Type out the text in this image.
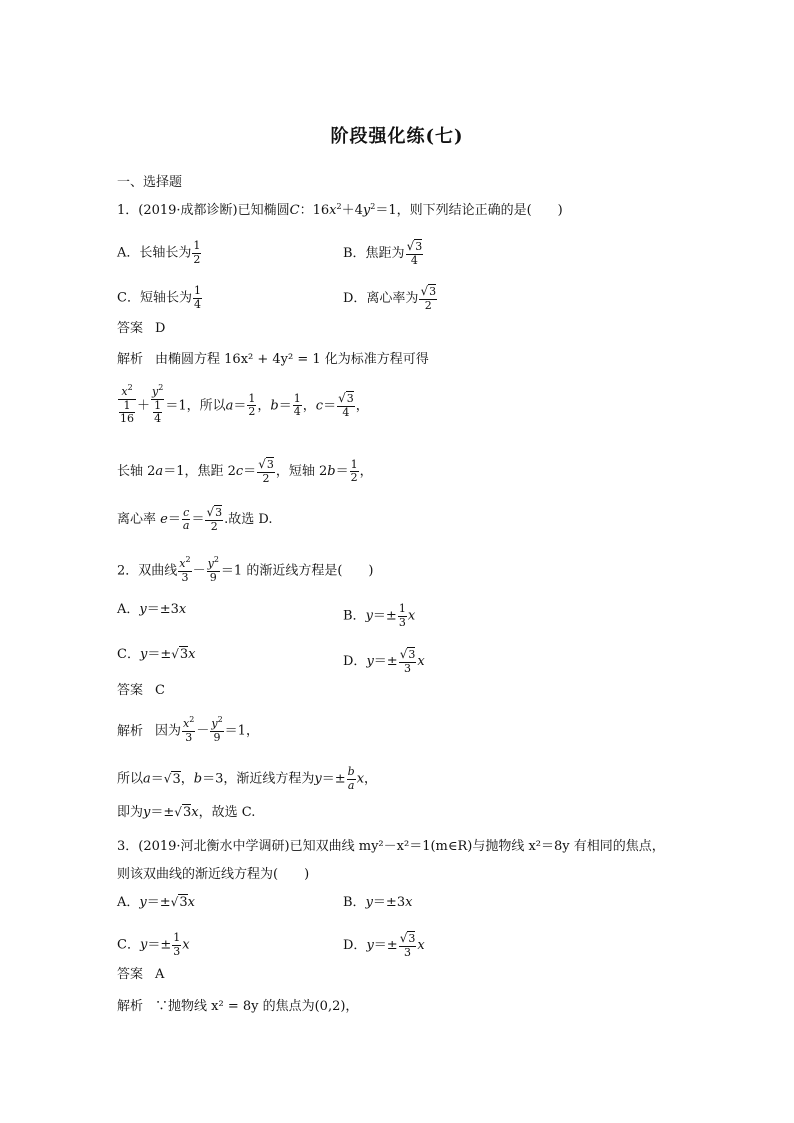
阶段强化练(七)
一、选择题
1．(2019·成都诊断)已知椭圆C：$16x^2+4y^2=1$，则下列结论正确的是(　　)
A．长轴长为 $\frac{1}{2}$	B．焦距为 $\frac{√3}{4}$
C．短轴长为 $\frac{1}{4}$	D．离心率为 $\frac{√3}{2}$
答案 D
解析 由椭圆方程 16x² + 4y² = 1 化为标准方程可得
$\frac{x^2}{\frac{1}{16}} + \frac{y^2}{\frac{1}{4}} =1$，所以$a= \frac{1}{2}$ ，$b= \frac{1}{4}$ ，$c= \frac{√3}{4}$ ，
长轴 2a＝1，焦距 $2c= \frac{√3}{2}$ ，短轴 $2b= \frac{1}{2}$ ，
离心率 $e= \frac{c}{a} = \frac{√3}{2}$ .故选 D.
2．双曲线 $\frac{x^2}{3} - \frac{y^2}{9} =1$ 的渐近线方程是(　　)
A．y＝±3x	B．$y=\pm \frac{1}{3}$ x
C．y＝±√3x	D．$y=\pm \frac{√3}{3}$ x
答案 C
解析 因为 $\frac{x^2}{3} - \frac{y^2}{9} =1$，
所以a＝√3，b＝3，渐近线方程为$y=\pm \frac{b}{a}$ x，
即为y＝±√3x，故选 C.
3．(2019·河北衡水中学调研)已知双曲线 my²－x²＝1(m∈R)与抛物线 x²＝8y 有相同的焦点，
则该双曲线的渐近线方程为(　　)
A．y＝±√3x	B．y＝±3x
C．$y=\pm \frac{1}{3}$ x	D．$y=\pm \frac{√3}{3}$ x
答案 A
解析 ∵抛物线 x² = 8y 的焦点为(0,2)，
